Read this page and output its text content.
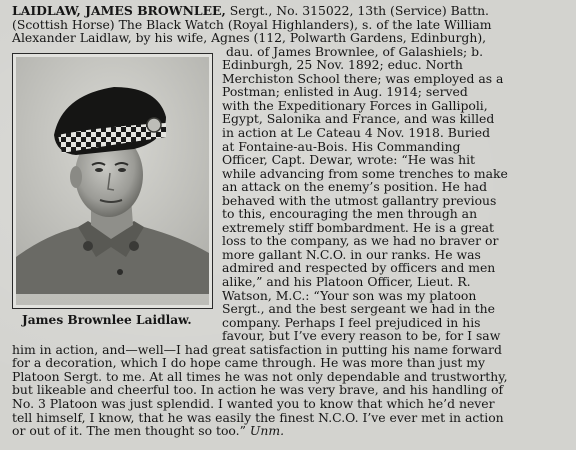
LAIDLAW, JAMES BROWNLEE, Sergt., No. 315022, 13th (Service) Battn.
(Scottish Horse) The Black Watch (Royal Highlanders), s. of the late William
Alexander Laidlaw, by his wife, Agnes (112, Polwarth Gardens, Edinburgh),
dau. of James Brownlee, of Galashiels; b.
Edinburgh, 25 Nov. 1892; educ. North
Merchiston School there; was employed as a
Postman; enlisted in Aug. 1914; served
with the Expeditionary Forces in Gallipoli,
Egypt, Salonika and France, and was killed
in action at Le Cateau 4 Nov. 1918. Buried
at Fontaine-au-Bois. His Commanding
Officer, Capt. Dewar, wrote: “He was hit
while advancing from some trenches to make
an attack on the enemy’s position. He had
behaved with the utmost gallantry previous
to this, encouraging the men through an
extremely stiff bombardment. He is a great
loss to the company, as we had no braver or
more gallant N.C.O. in our ranks. He was
admired and respected by officers and men
alike,” and his Platoon Officer, Lieut. R.
Watson, M.C.: “Your son was my platoon
Sergt., and the best sergeant we had in the
company. Perhaps I feel prejudiced in his
favour, but I’ve every reason to be, for I saw
him in action, and—well—I had great satisfaction in putting his name forward
for a decoration, which I do hope came through. He was more than just my
Platoon Sergt. to me. At all times he was not only dependable and trustworthy,
but likeable and cheerful too. In action he was very brave, and his handling of
No. 3 Platoon was just splendid. I wanted you to know that which he’d never
tell himself, I know, that he was easily the finest N.C.O. I’ve ever met in action
or out of it. The men thought so too.” Unm.
James Brownlee Laidlaw.
